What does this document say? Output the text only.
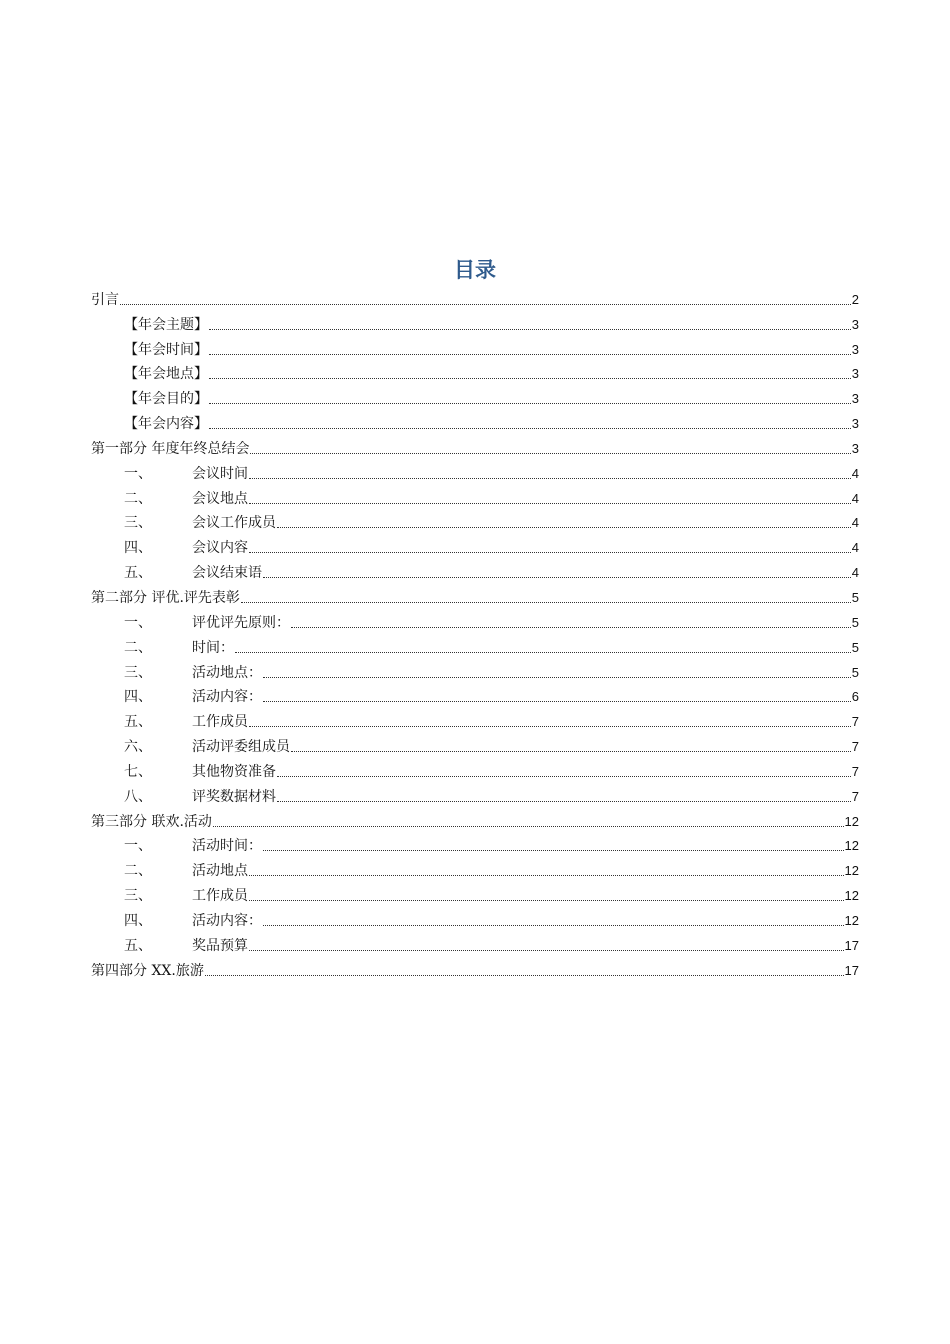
目录
引言	2
【年会主题】	3
【年会时间】	3
【年会地点】	3
【年会目的】	3
【年会内容】	3
第一部分 年度年终总结会	3
一、	会议时间	4
二、	会议地点	4
三、	会议工作成员	4
四、	会议内容	4
五、	会议结束语	4
第二部分 评优.评先表彰	5
一、	评优评先原则：	5
二、	时间：	5
三、	活动地点：	5
四、	活动内容：	6
五、	工作成员	7
六、	活动评委组成员	7
七、	其他物资准备	7
八、	评奖数据材料	7
第三部分 联欢.活动	12
一、	活动时间：	12
二、	活动地点	12
三、	工作成员	12
四、	活动内容：	12
五、	奖品预算	17
第四部分 XX.旅游	17
